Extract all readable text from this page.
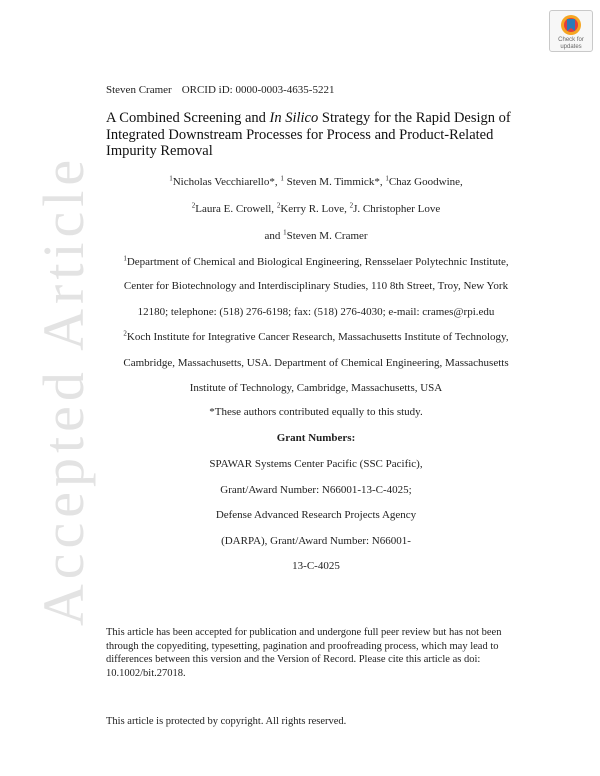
Accepted Article
Check for
updates
Steven Cramer ORCID iD: 0000-0003-4635-5221
A Combined Screening and In Silico Strategy for the Rapid Design of Integrated Downstream Processes for Process and Product-Related Impurity Removal
$^1$Nicholas Vecchiarello*, $^1$ Steven M. Timmick*, $^1$Chaz Goodwine,
$^2$Laura E. Crowell, $^2$Kerry R. Love, $^2$J. Christopher Love
and $^1$Steven M. Cramer
$^1$Department of Chemical and Biological Engineering, Rensselaer Polytechnic Institute,
Center for Biotechnology and Interdisciplinary Studies, 110 8th Street, Troy, New York
12180; telephone: (518) 276-6198; fax: (518) 276-4030; e-mail: crames@rpi.edu
$^2$Koch Institute for Integrative Cancer Research, Massachusetts Institute of Technology,
Cambridge, Massachusetts, USA. Department of Chemical Engineering, Massachusetts
Institute of Technology, Cambridge, Massachusetts, USA
*These authors contributed equally to this study.
Grant Numbers:
SPAWAR Systems Center Pacific (SSC Pacific),
Grant/Award Number: N66001-13-C-4025;
Defense Advanced Research Projects Agency
(DARPA), Grant/Award Number: N66001-
13-C-4025
This article has been accepted for publication and undergone full peer review but has not been through the copyediting, typesetting, pagination and proofreading process, which may lead to differences between this version and the Version of Record. Please cite this article as doi: 10.1002/bit.27018.
This article is protected by copyright. All rights reserved.
